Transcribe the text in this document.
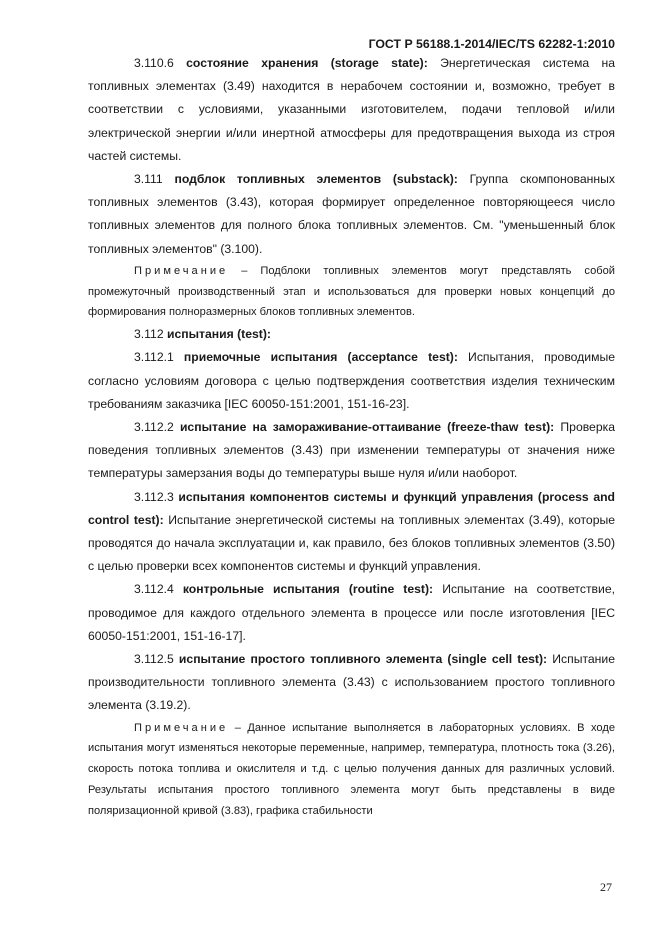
ГОСТ Р 56188.1-2014/IEC/TS 62282-1:2010

3.110.6 состояние хранения (storage state): Энергетическая система на топливных элементах (3.49) находится в нерабочем состоянии и, возможно, требует в соответствии с условиями, указанными изготовителем, подачи тепловой и/или электрической энергии и/или инертной атмосферы для предотвращения выхода из строя частей системы.

3.111 подблок топливных элементов (substack): Группа скомпонованных топливных элементов (3.43), которая формирует определенное повторяющееся число топливных элементов для полного блока топливных элементов. См. "уменьшенный блок топливных элементов" (3.100).

Примечание – Подблоки топливных элементов могут представлять собой промежуточный производственный этап и использоваться для проверки новых концепций до формирования полноразмерных блоков топливных элементов.

3.112 испытания (test):

3.112.1 приемочные испытания (acceptance test): Испытания, проводимые согласно условиям договора с целью подтверждения соответствия изделия техническим требованиям заказчика [IEC 60050-151:2001, 151-16-23].

3.112.2 испытание на замораживание-оттаивание (freeze-thaw test): Проверка поведения топливных элементов (3.43) при изменении температуры от значения ниже температуры замерзания воды до температуры выше нуля и/или наоборот.

3.112.3 испытания компонентов системы и функций управления (process and control test): Испытание энергетической системы на топливных элементах (3.49), которые проводятся до начала эксплуатации и, как правило, без блоков топливных элементов (3.50) с целью проверки всех компонентов системы и функций управления.

3.112.4 контрольные испытания (routine test): Испытание на соответствие, проводимое для каждого отдельного элемента в процессе или после изготовления [IEC 60050-151:2001, 151-16-17].

3.112.5 испытание простого топливного элемента (single cell test): Испытание производительности топливного элемента (3.43) с использованием простого топливного элемента (3.19.2).

Примечание – Данное испытание выполняется в лабораторных условиях. В ходе испытания могут изменяться некоторые переменные, например, температура, плотность тока (3.26), скорость потока топлива и окислителя и т.д. с целью получения данных для различных условий. Результаты испытания простого топливного элемента могут быть представлены в виде поляризационной кривой (3.83), графика стабильности

27
